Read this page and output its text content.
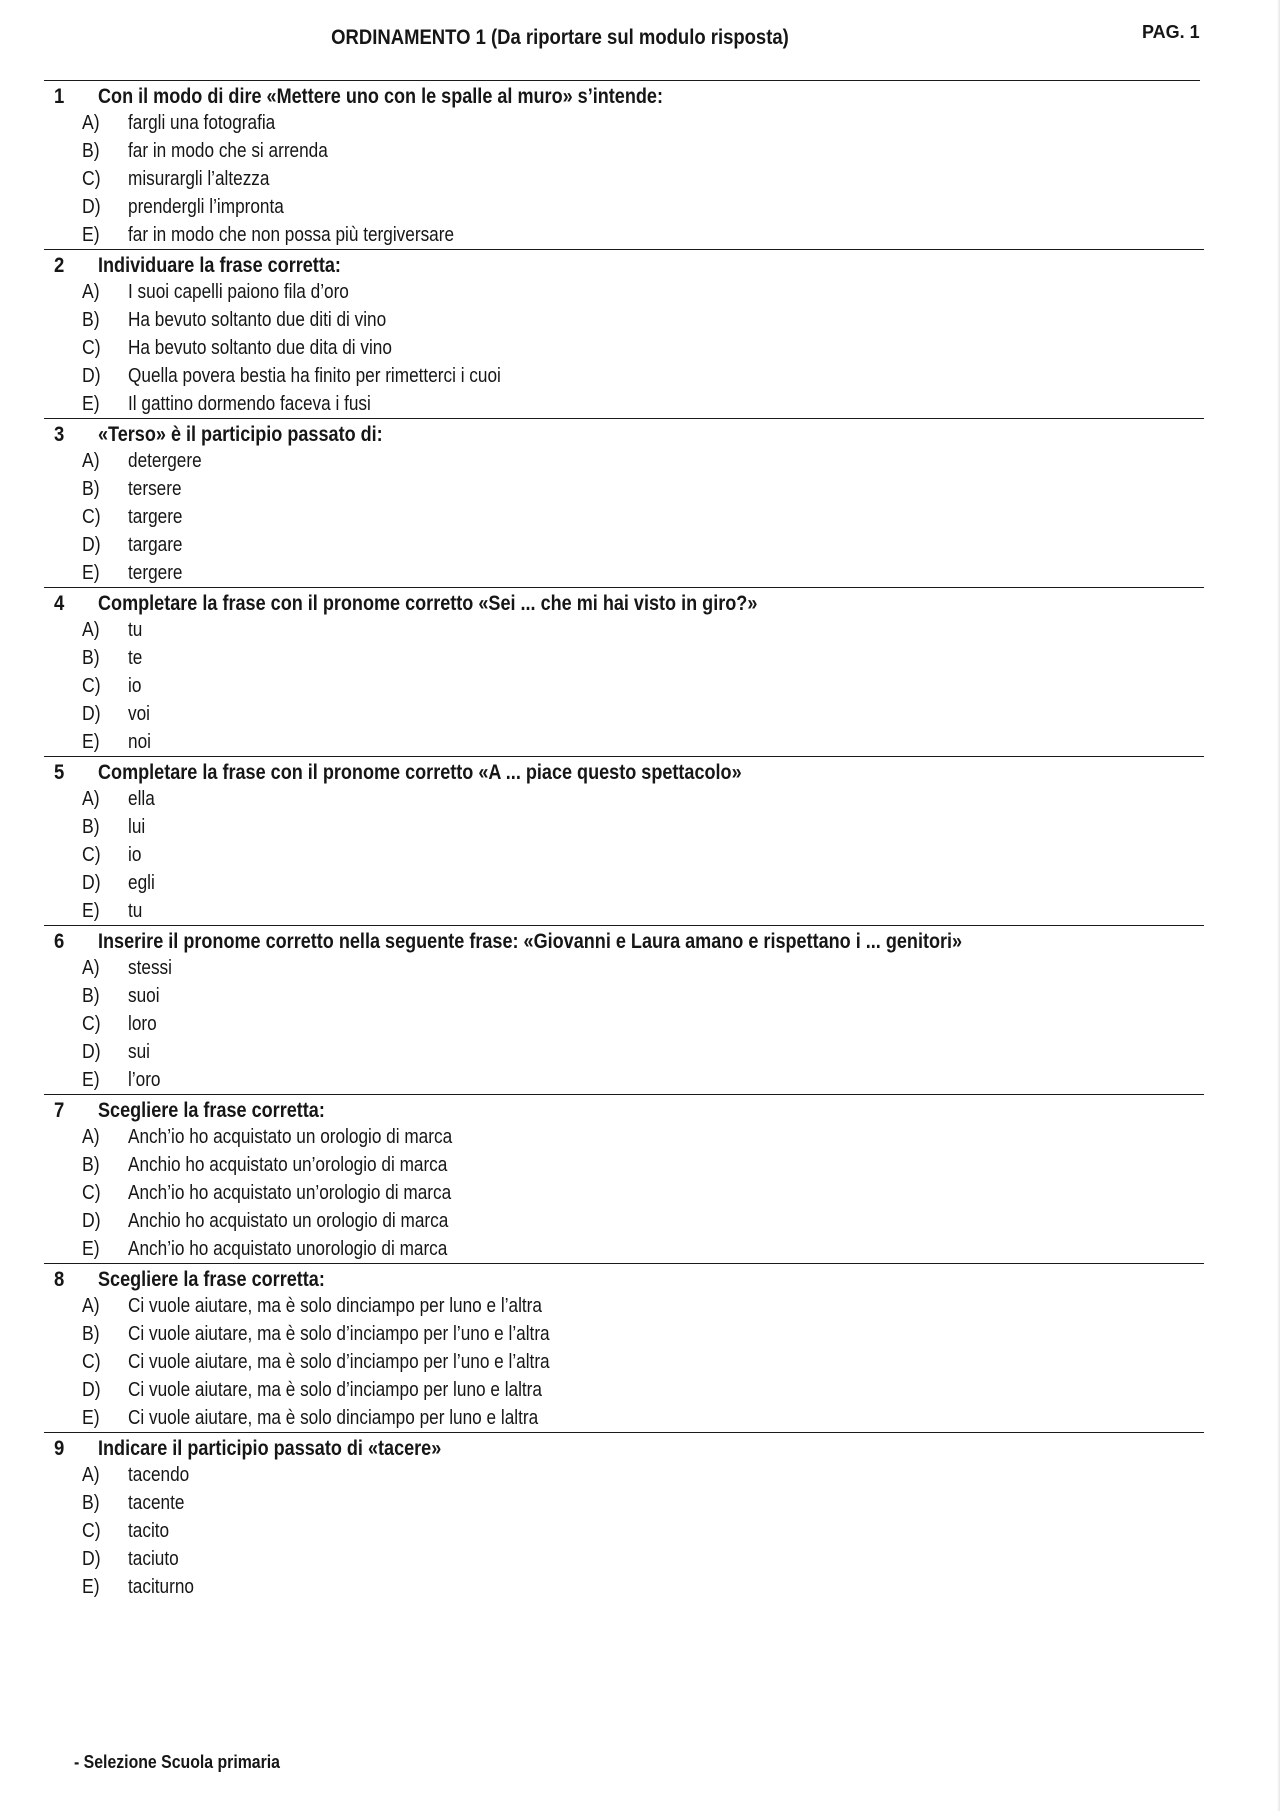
ORDINAMENTO 1 (Da riportare sul modulo risposta)	PAG. 1
1 Con il modo di dire «Mettere uno con le spalle al muro» s’intende:
A) fargli una fotografia
B) far in modo che si arrenda
C) misurargli l’altezza
D) prendergli l’impronta
E) far in modo che non possa più tergiversare
2 Individuare la frase corretta:
A) I suoi capelli paiono fila d’oro
B) Ha bevuto soltanto due diti di vino
C) Ha bevuto soltanto due dita di vino
D) Quella povera bestia ha finito per rimetterci i cuoi
E) Il gattino dormendo faceva i fusi
3 «Terso» è il participio passato di:
A) detergere
B) tersere
C) targere
D) targare
E) tergere
4 Completare la frase con il pronome corretto «Sei ... che mi hai visto in giro?»
A) tu
B) te
C) io
D) voi
E) noi
5 Completare la frase con il pronome corretto «A ... piace questo spettacolo»
A) ella
B) lui
C) io
D) egli
E) tu
6 Inserire il pronome corretto nella seguente frase: «Giovanni e Laura amano e rispettano i ... genitori»
A) stessi
B) suoi
C) loro
D) sui
E) l’oro
7 Scegliere la frase corretta:
A) Anch’io ho acquistato un orologio di marca
B) Anchio ho acquistato un’orologio di marca
C) Anch’io ho acquistato un’orologio di marca
D) Anchio ho acquistato un orologio di marca
E) Anch’io ho acquistato unorologio di marca
8 Scegliere la frase corretta:
A) Ci vuole aiutare, ma è solo dinciampo per luno e l’altra
B) Ci vuole aiutare, ma è solo d’inciampo per l’uno e l’altra
C) Ci vuole aiutare, ma è solo d’inciampo per l’uno e l’altra
D) Ci vuole aiutare, ma è solo d’inciampo per luno e laltra
E) Ci vuole aiutare, ma è solo dinciampo per luno e laltra
9 Indicare il participio passato di «tacere»
A) tacendo
B) tacente
C) tacito
D) taciuto
E) taciturno
- Selezione Scuola primaria
